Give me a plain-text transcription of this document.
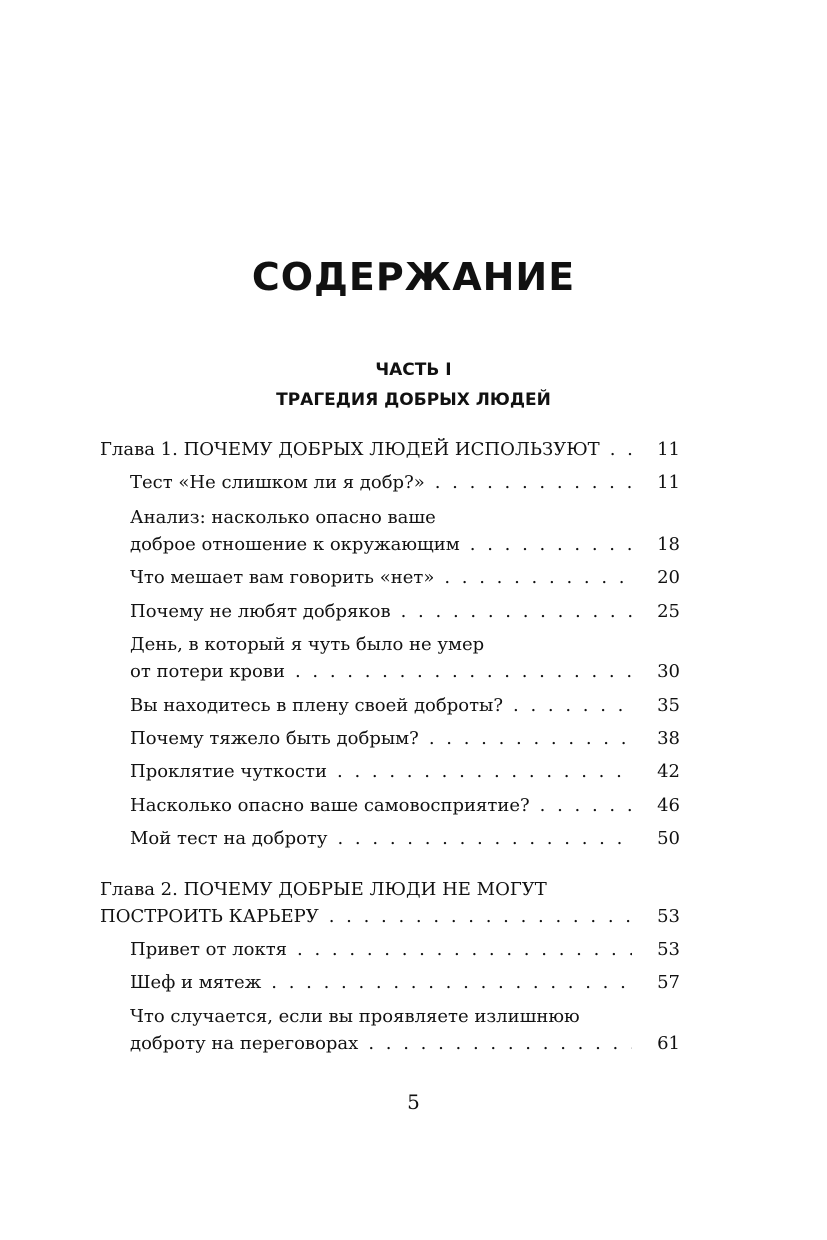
СОДЕРЖАНИЕ
ЧАСТЬ I
ТРАГЕДИЯ ДОБРЫХ ЛЮДЕЙ
Глава 1. ПОЧЕМУ ДОБРЫХ ЛЮДЕЙ ИСПОЛЬЗУЮТ . . .	11
Тест «Не слишком ли я добр?» . . .	11
Анализ: насколько опасно ваше
доброе отношение к окружающим . . .	18
Что мешает вам говорить «нет» . . .	20
Почему не любят добряков . . .	25
День, в который я чуть было не умер
от потери крови . . .	30
Вы находитесь в плену своей доброты? . . .	35
Почему тяжело быть добрым? . . .	38
Проклятие чуткости . . .	42
Насколько опасно ваше самовосприятие? . . .	46
Мой тест на доброту . . .	50
Глава 2. ПОЧЕМУ ДОБРЫЕ ЛЮДИ НЕ МОГУТ
ПОСТРОИТЬ КАРЬЕРУ . . .	53
Привет от локтя . . .	53
Шеф и мятеж . . .	57
Что случается, если вы проявляете излишнюю
доброту на переговорах . . .	61
5
